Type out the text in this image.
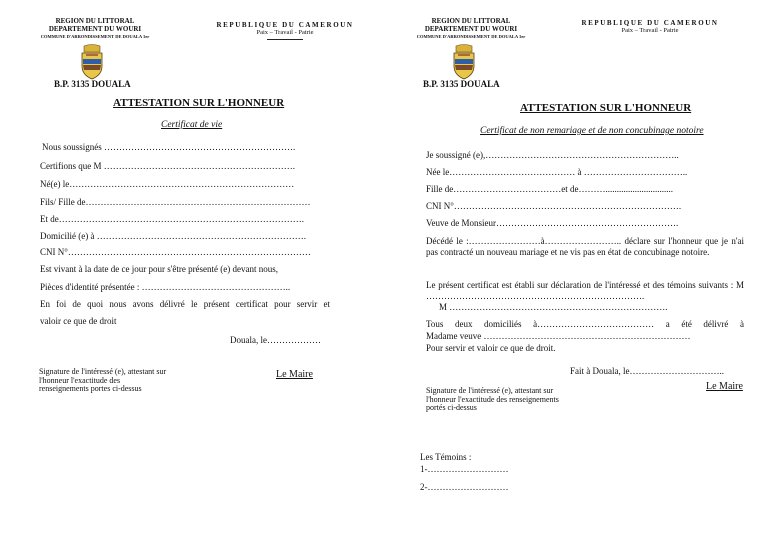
REGION DU LITTORAL
DEPARTEMENT DU WOURI
COMMUNE D'ARRONDISSEMENT DE DOUALA 1er
REPUBLIQUE DU CAMEROUN
Paix – Travail - Patrie
B.P. 3135 DOUALA
ATTESTATION SUR L'HONNEUR
Certificat de vie
Nous soussignés ……………………………………………………….
Certifions que M ……………………………………………………….
Né(e) le…………………………………………………………………
Fils/ Fille de…………………………………………………………………
Et de……………………………………………………………………….
Domicilié (e) à …………………………………………………………….
CNI N°………………………………………………………………………
Est vivant à la date de ce jour pour s'être présenté (e) devant nous,
Pièces d'identité présentée : …………………………………………..
En foi de quoi nous avons délivré le présent certificat pour servir et
valoir ce que de droit
Douala, le………………
Signature de l'intéressé (e), attestant sur l'honneur l'exactitude des renseignements portes ci-dessus
Le Maire
REGION DU LITTORAL
DEPARTEMENT DU WOURI
COMMUNE D'ARRONDISSEMENT DE DOUALA 1er
REPUBLIQUE DU CAMEROUN
Paix – Travail - Patrie
B.P. 3135 DOUALA
ATTESTATION SUR L'HONNEUR
Certificat de non remariage et de non concubinage notoire
Je soussigné (e),………………………………………………………..
Née le…………………………………… à ……………………………..
Fille de………………………………et de………..............................
CNI N°………………………………………………………………….
Veuve de Monsieur…………………………………………………….
Décédé le :……………………à…………………….. déclare sur l'honneur que je n'ai pas contracté un nouveau mariage et ne vis pas en état de concubinage notoire.
Le présent certificat est établi sur déclaration de l'intéressé et des témoins suivants : M ……………………………………………………………….
M ……………………………………………………………….
Tous deux domiciliés à………………………………… a été délivré à
Madame veuve ……………………………………………………………
Pour servir et valoir ce que de droit.
Fait à Douala, le…………………………..
Signature de l'intéressé (e), attestant sur l'honneur l'exactitude des renseignements portés ci-dessus
Le Maire
Les Témoins :
1-………………………
2-………………………
